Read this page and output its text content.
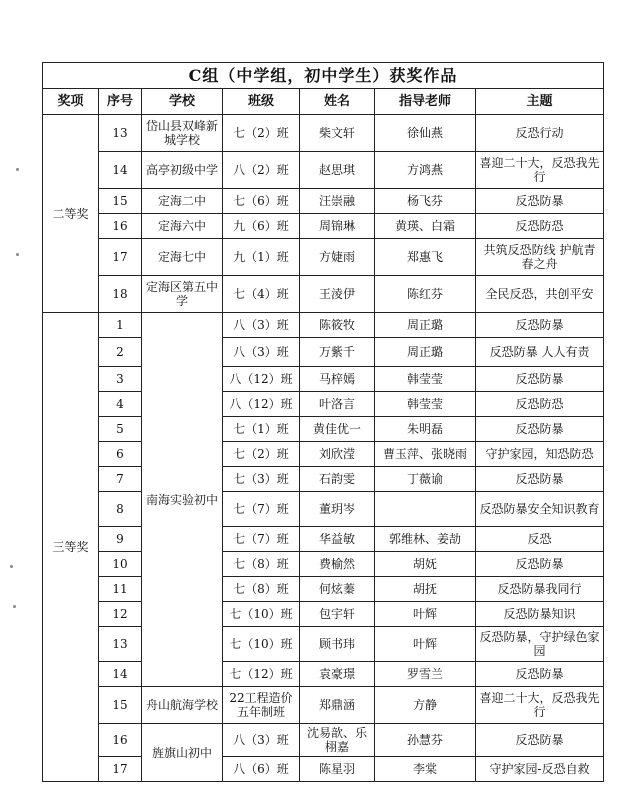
C组（中学组，初中学生）获奖作品						
奖项	序号	学校	班级	姓名	指导老师	主题
二等奖	13	岱山县双峰新城学校	七（2）班	柴文轩	徐仙燕	反恐行动
	14	高亭初级中学	八（2）班	赵思琪	方鸿燕	喜迎二十大，反恐我先行
	15	定海二中	七（6）班	汪崇融	杨飞芬	反恐防暴
	16	定海六中	九（6）班	周锦琳	黄瑛、白霜	反恐防恐
	17	定海七中	九（1）班	方婕雨	郑惠飞	共筑反恐防线 护航青春之舟
	18	定海区第五中学	七（4）班	王淩伊	陈红芬	全民反恐，共创平安
三等奖	1	南海实验初中	八（3）班	陈筱牧	周正璐	反恐防暴
	2		八（3）班	万紫千	周正璐	反恐防暴 人人有责
	3		八（12）班	马梓嫣	韩莹莹	反恐防暴
	4		八（12）班	叶洛言	韩莹莹	反恐防恐
	5		七（1）班	黄佳优一	朱明磊	反恐防暴
	6		七（2）班	刘欣滢	曹玉萍、张晓雨	守护家园，知恐防恐
	7		七（3）班	石韵雯	丁薇谕	反恐防暴
	8		七（7）班	董玥岑		反恐防暴安全知识教育
	9		七（7）班	华益敏	郭维林、姜劼	反恐
	10		七（8）班	费榆然	胡妩	反恐防暴
	11		七（8）班	何炫蓁	胡抚	反恐防暴我同行
	12		七（10）班	包宇轩	叶辉	反恐防暴知识
	13		七（10）班	顾书玮	叶辉	反恐防暴，守护绿色家园
	14		七（12）班	袁豪璟	罗雪兰	反恐防暴
	15	舟山航海学校	22工程造价五年制班	郑鼎涵	方静	喜迎二十大，反恐我先行
	16	旌旗山初中	八（3）班	沈易歆、乐栩嘉	孙慧芬	反恐防暴
	17		八（6）班	陈星羽	李棠	守护家园-反恐自救
